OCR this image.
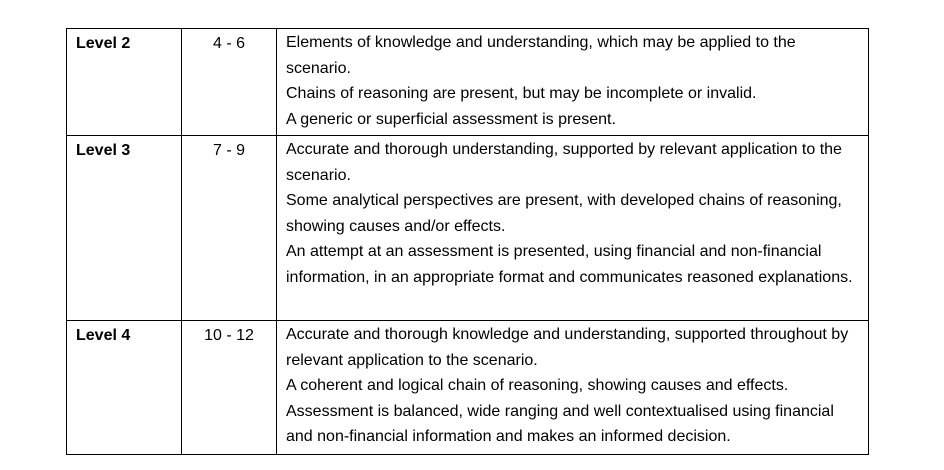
Level 2	4 - 6	Elements of knowledge and understanding, which may be applied to the scenario.

Chains of reasoning are present, but may be incomplete or invalid.

A generic or superficial assessment is present.

Level 3	7 - 9	Accurate and thorough understanding, supported by relevant application to the scenario.

Some analytical perspectives are present, with developed chains of reasoning, showing causes and/or effects.

An attempt at an assessment is presented, using financial and non-financial information, in an appropriate format and communicates reasoned explanations.

Level 4	10 - 12	Accurate and thorough knowledge and understanding, supported throughout by relevant application to the scenario.

A coherent and logical chain of reasoning, showing causes and effects.

Assessment is balanced, wide ranging and well contextualised using financial and non-financial information and makes an informed decision.
